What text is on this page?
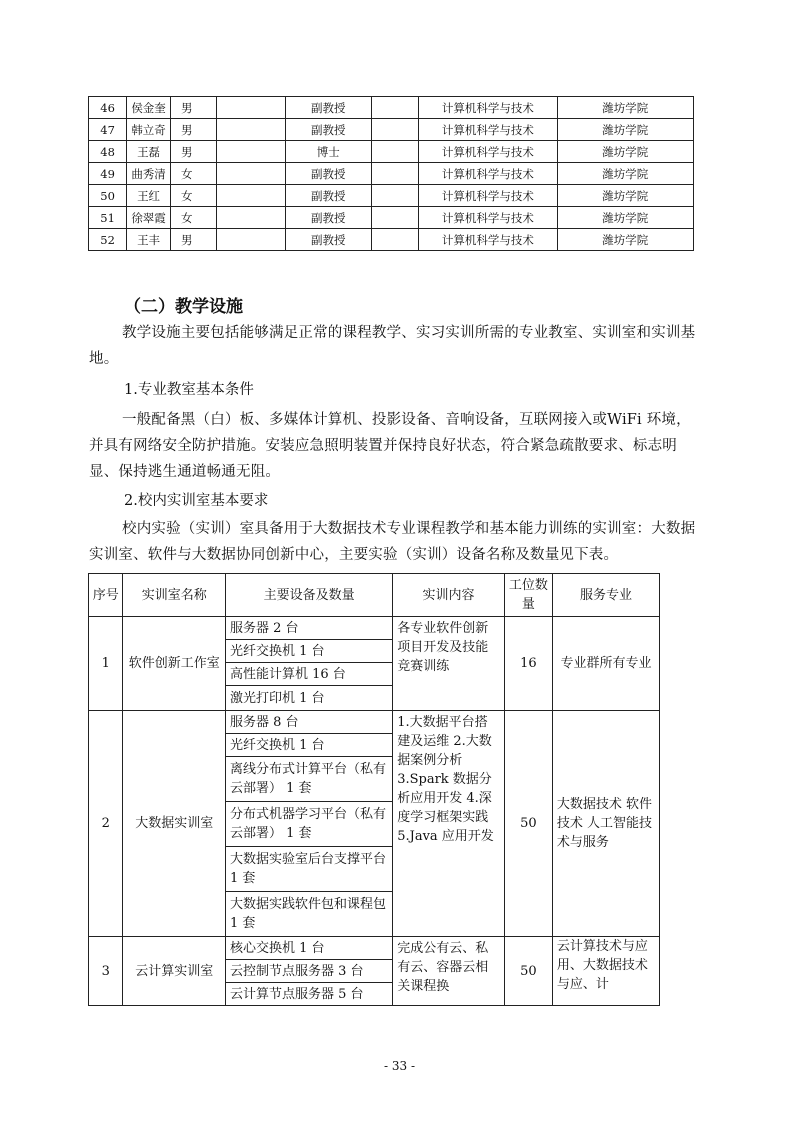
46	侯金奎	男		副教授		计算机科学与技术	潍坊学院
47	韩立奇	男		副教授		计算机科学与技术	潍坊学院
48	王磊	男		博士		计算机科学与技术	潍坊学院
49	曲秀清	女		副教授		计算机科学与技术	潍坊学院
50	王红	女		副教授		计算机科学与技术	潍坊学院
51	徐翠霞	女		副教授		计算机科学与技术	潍坊学院
52	王丰	男		副教授		计算机科学与技术	潍坊学院
（二）教学设施

教学设施主要包括能够满足正常的课程教学、实习实训所需的专业教室、实训室和实训基地。

1.专业教室基本条件

一般配备黑（白）板、多媒体计算机、投影设备、音响设备，互联网接入或WiFi 环境，并具有网络安全防护措施。安装应急照明装置并保持良好状态，符合紧急疏散要求、标志明显、保持逃生通道畅通无阻。

2.校内实训室基本要求

校内实验（实训）室具备用于大数据技术专业课程教学和基本能力训练的实训室：大数据实训室、软件与大数据协同创新中心，主要实验（实训）设备名称及数量见下表。

序号	实训室名称	主要设备及数量	实训内容	工位数量	服务专业
1	软件创新工作室	服务器 2 台	各专业软件创新项目开发及技能竞赛训练	16	专业群所有专业
		光纤交换机 1 台			
		高性能计算机 16 台			
		激光打印机 1 台			
2	大数据实训室	服务器 8 台	1.大数据平台搭建及运维 2.大数据案例分析 3.Spark 数据分析应用开发 4.深度学习框架实践 5.Java 应用开发	50	大数据技术 软件技术 人工智能技术与服务
		光纤交换机 1 台			
		离线分布式计算平台（私有云部署） 1 套			
		分布式机器学习平台（私有云部署） 1 套			
		大数据实验室后台支撑平台 1 套			
		大数据实践软件包和课程包 1 套			
3	云计算实训室	核心交换机 1 台	完成公有云、私有云、容器云相关课程换	50	云计算技术与应用、大数据技术与应、计
		云控制节点服务器 3 台			
		云计算节点服务器 5 台			
- 33 -
